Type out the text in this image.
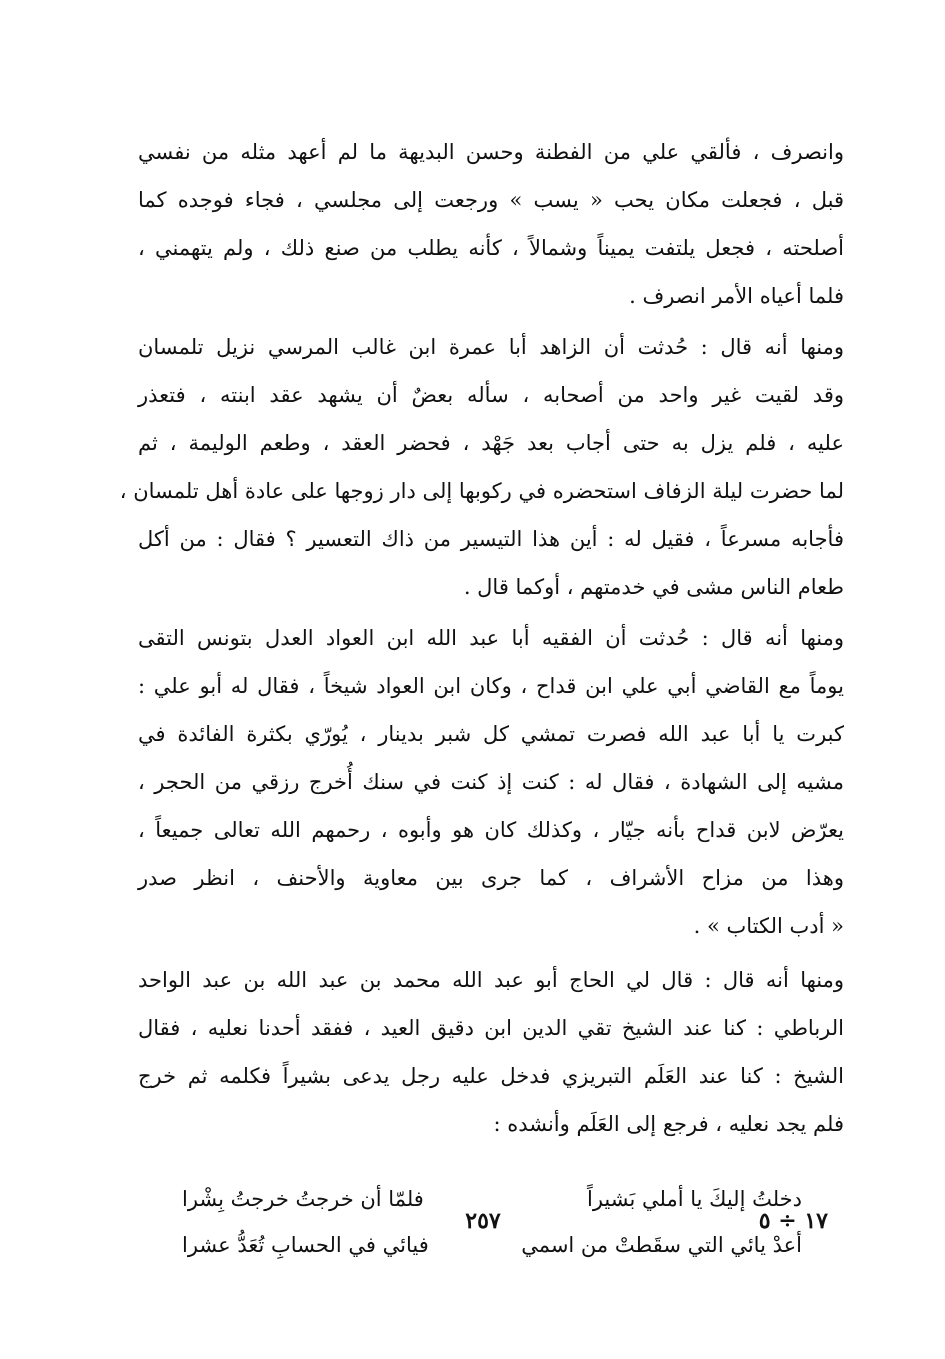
وانصرف ، فألقي علي من الفطنة وحسن البديهة ما لم أعهد مثله من نفسي
قبل ، فجعلت مكان يحب « يسب » ورجعت إلى مجلسي ، فجاء فوجده كما
أصلحته ، فجعل يلتفت يميناً وشمالاً ، كأنه يطلب من صنع ذلك ، ولم يتهمني ،
فلما أعياه الأمر انصرف .
ومنها أنه قال : حُدثت أن الزاهد أبا عمرة ابن غالب المرسي نزيل تلمسان
وقد لقيت غير واحد من أصحابه ، سأله بعضٌ أن يشهد عقد ابنته ، فتعذر
عليه ، فلم يزل به حتى أجاب بعد جَهْد ، فحضر العقد ، وطعم الوليمة ، ثم
لما حضرت ليلة الزفاف استحضره في ركوبها إلى دار زوجها على عادة أهل تلمسان ،
فأجابه مسرعاً ، فقيل له : أين هذا التيسير من ذاك التعسير ؟ فقال : من أكل
طعام الناس مشى في خدمتهم ، أوكما قال .
ومنها أنه قال : حُدثت أن الفقيه أبا عبد الله ابن العواد العدل بتونس التقى
يوماً مع القاضي أبي علي ابن قداح ، وكان ابن العواد شيخاً ، فقال له أبو علي :
كبرت يا أبا عبد الله فصرت تمشي كل شبر بدينار ، يُورّي بكثرة الفائدة في
مشيه إلى الشهادة ، فقال له : كنت إذ كنت في سنك أُخرج رزقي من الحجر ،
يعرّض لابن قداح بأنه جيّار ، وكذلك كان هو وأبوه ، رحمهم الله تعالى جميعاً ،
وهذا من مزاح الأشراف ، كما جرى بين معاوية والأحنف ، انظر صدر
« أدب الكتاب » .
ومنها أنه قال : قال لي الحاج أبو عبد الله محمد بن عبد الله بن عبد الواحد
الرباطي : كنا عند الشيخ تقي الدين ابن دقيق العيد ، ففقد أحدنا نعليه ، فقال
الشيخ : كنا عند العَلَم التبريزي فدخل عليه رجل يدعى بشيراً فكلمه ثم خرج
فلم يجد نعليه ، فرجع إلى العَلَم وأنشده :
دخلتُ إليكَ يا أملي بَشيراً
فلمّا أن خرجتُ خرجتُ بِشْرا
أعدْ يائي التي سقَطتْ من اسمي
فيائي في الحسابِ تُعَدُّ عشرا
١٧ ÷ ٥
٢٥٧
